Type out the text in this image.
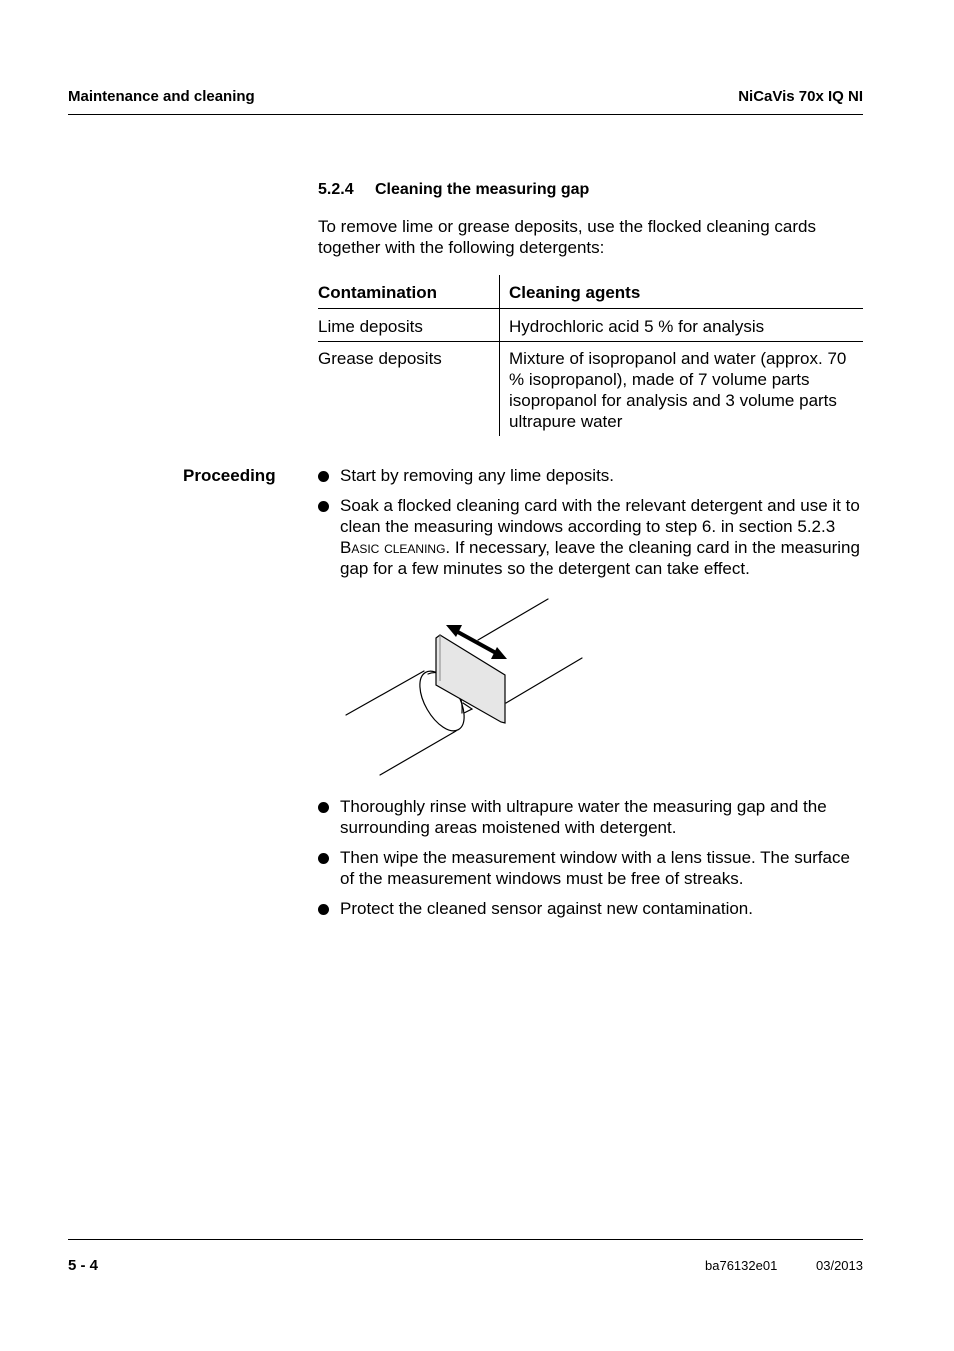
Maintenance and cleaning	NiCaVis 70x IQ NI
5.2.4 Cleaning the measuring gap
To remove lime or grease deposits, use the flocked cleaning cards together with the following detergents:
Contamination	Cleaning agents
Lime deposits	Hydrochloric acid 5 % for analysis
Grease deposits	Mixture of isopropanol and water (approx. 70 % isopropanol), made of 7 volume parts isopropanol for analysis and 3 volume parts ultrapure water
Proceeding	Start by removing any lime deposits.
Soak a flocked cleaning card with the relevant detergent and use it to clean the measuring windows according to step 6. in section 5.2.3 Basic cleaning. If necessary, leave the cleaning card in the measuring gap for a few minutes so the detergent can take effect.
Thoroughly rinse with ultrapure water the measuring gap and the surrounding areas moistened with detergent.
Then wipe the measurement window with a lens tissue. The surface of the measurement windows must be free of streaks.
Protect the cleaned sensor against new contamination.
5 - 4	ba76132e01	03/2013
